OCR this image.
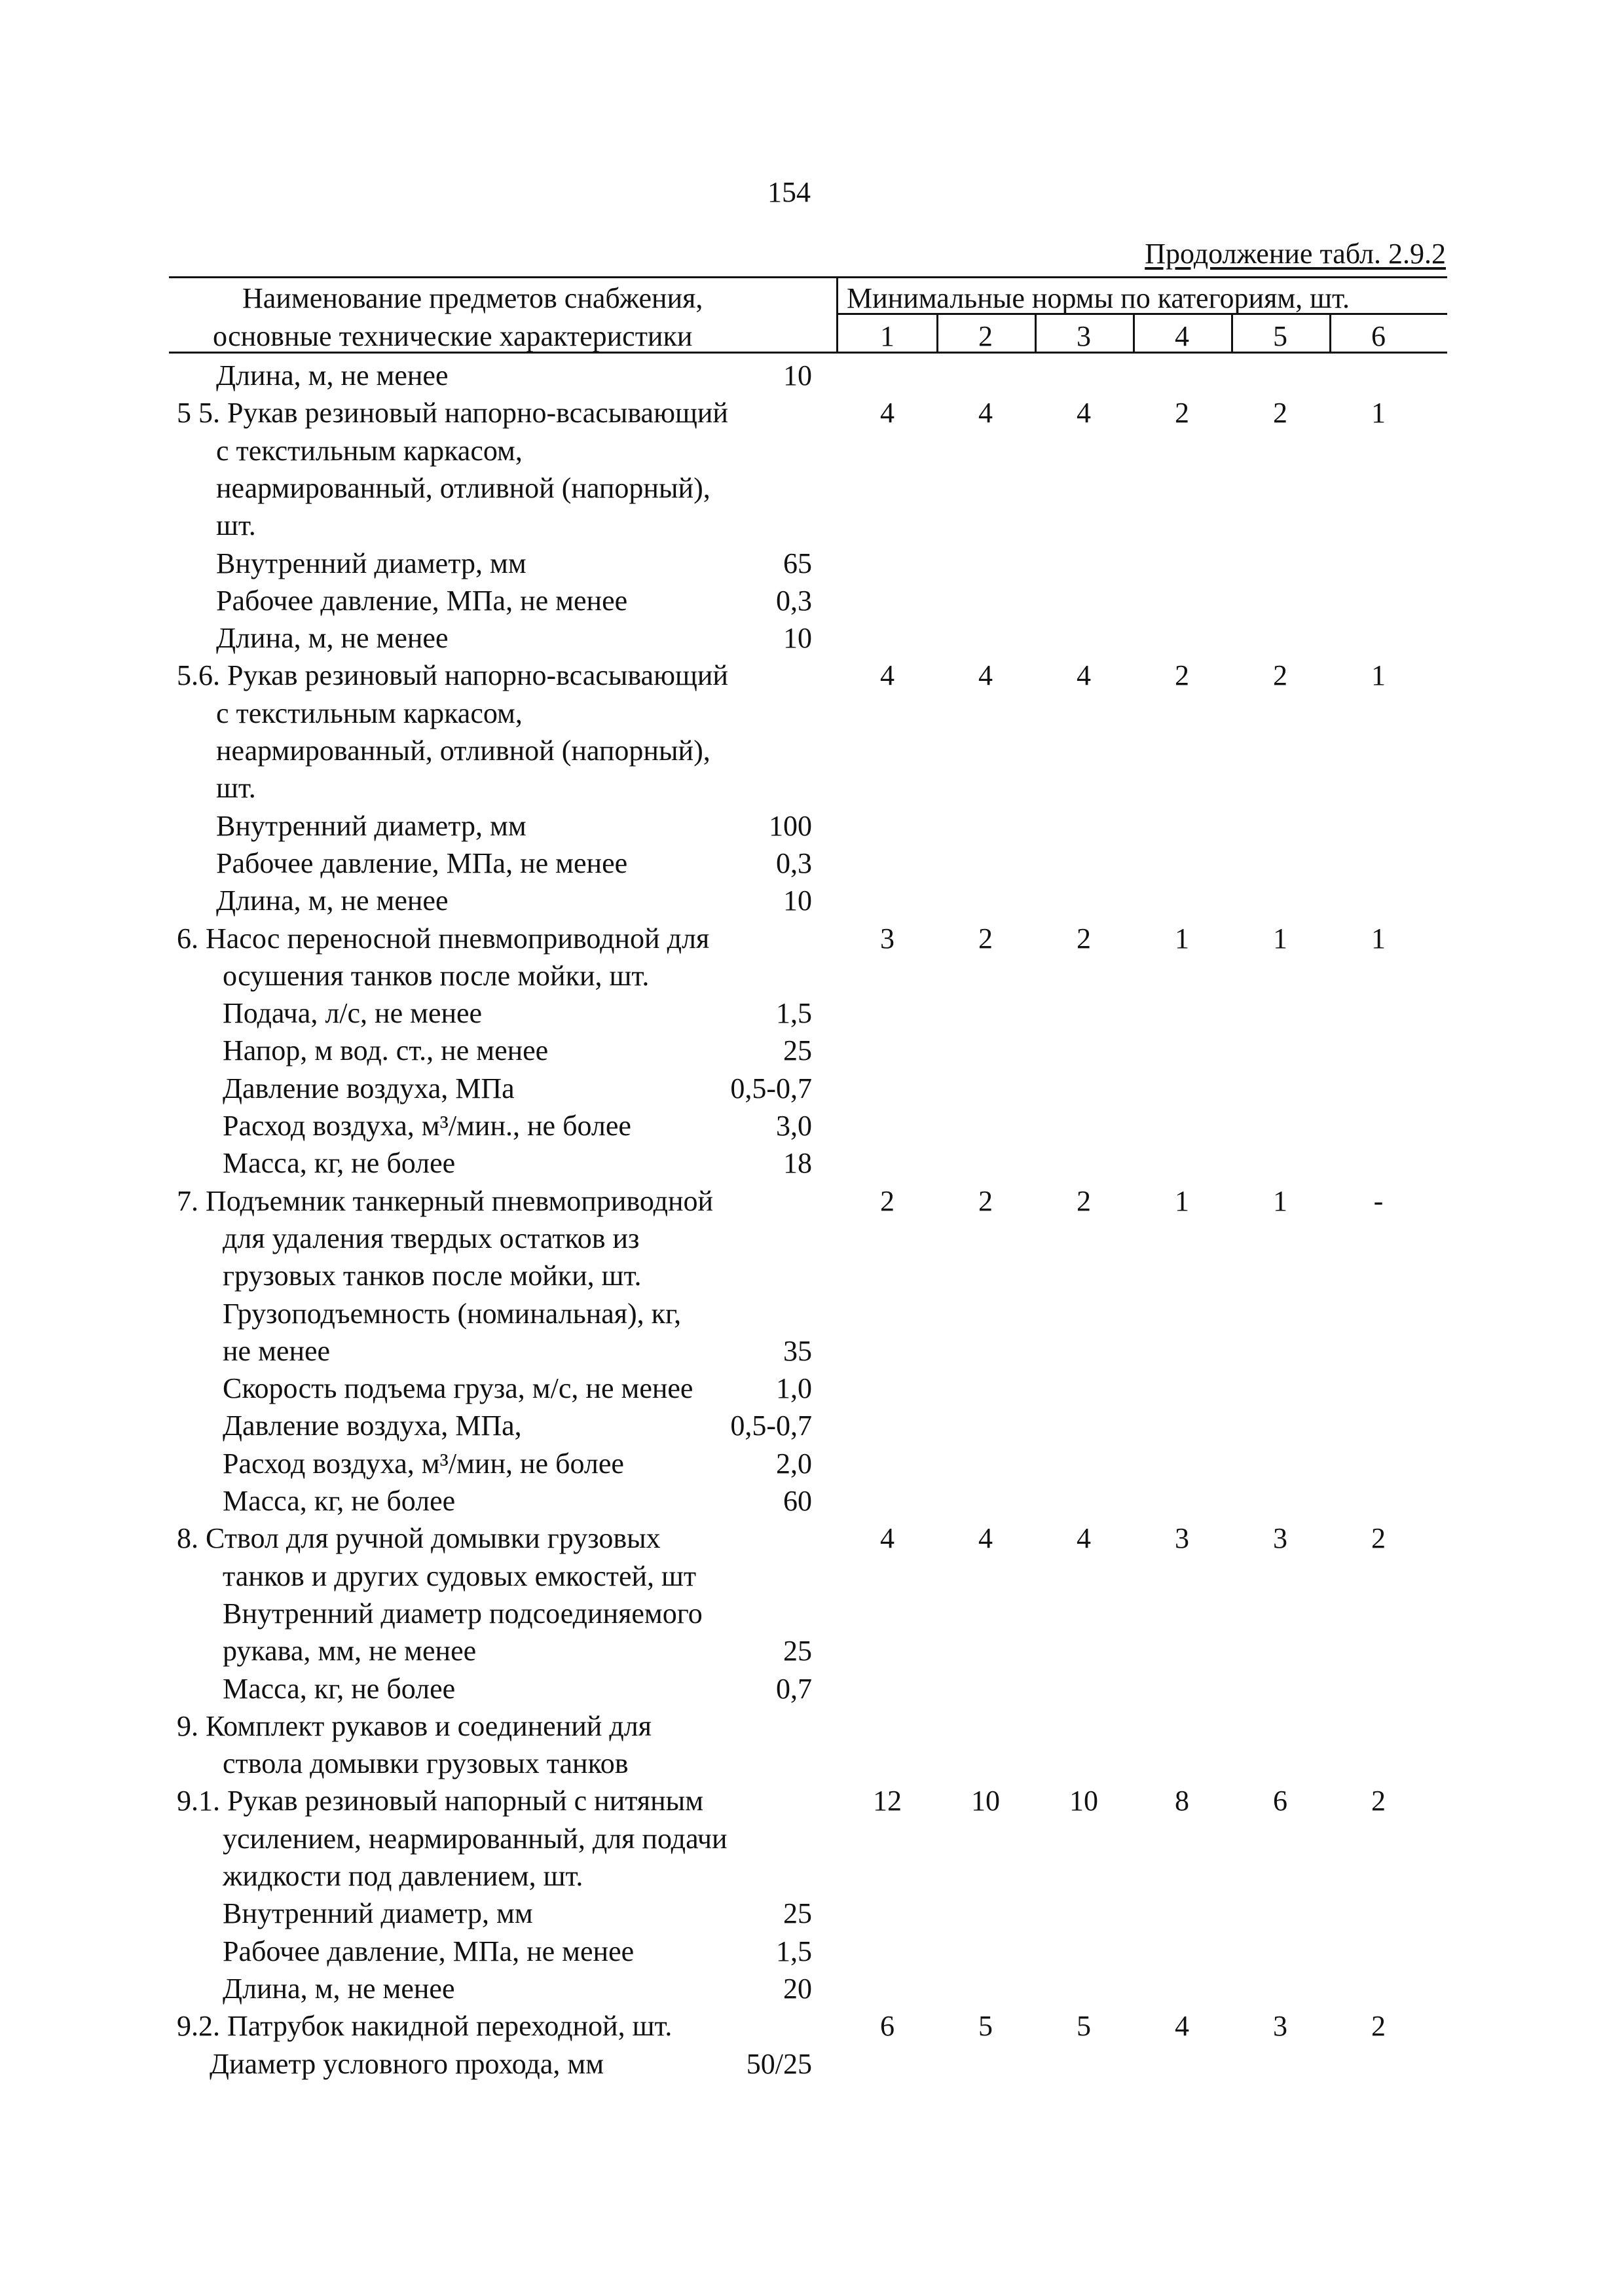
154
Продолжение табл. 2.9.2
Наименование предметов снабжения,
основные технические характеристики
Минимальные нормы по категориям, шт.
1	2	3	4	5	6
Длина, м, не менее	10
5 5. Рукав резиновый напорно-всасывающий	4	4	4	2	2	1
с текстильным каркасом,
неармированный, отливной (напорный),
шт.
Внутренний диаметр, мм	65
Рабочее давление, МПа, не менее	0,3
Длина, м, не менее	10
5.6. Рукав резиновый напорно-всасывающий	4	4	4	2	2	1
с текстильным каркасом,
неармированный, отливной (напорный),
шт.
Внутренний диаметр, мм	100
Рабочее давление, МПа, не менее	0,3
Длина, м, не менее	10
6. Насос переносной пневмоприводной для	3	2	2	1	1	1
осушения танков после мойки, шт.
Подача, л/с, не менее	1,5
Напор, м вод. ст., не менее	25
Давление воздуха, МПа	0,5-0,7
Расход воздуха, м³/мин., не более	3,0
Масса, кг, не более	18
7. Подъемник танкерный пневмоприводной	2	2	2	1	1	-
для удаления твердых остатков из
грузовых танков после мойки, шт.
Грузоподъемность (номинальная), кг,
не менее	35
Скорость подъема груза, м/с, не менее	1,0
Давление воздуха, МПа,	0,5-0,7
Расход воздуха, м³/мин, не более	2,0
Масса, кг, не более	60
8. Ствол для ручной домывки грузовых	4	4	4	3	3	2
танков и других судовых емкостей, шт
Внутренний диаметр подсоединяемого
рукава, мм, не менее	25
Масса, кг, не более	0,7
9. Комплект рукавов и соединений для
ствола домывки грузовых танков
9.1. Рукав резиновый напорный с нитяным	12	10	10	8	6	2
усилением, неармированный, для подачи
жидкости под давлением, шт.
Внутренний диаметр, мм	25
Рабочее давление, МПа, не менее	1,5
Длина, м, не менее	20
9.2. Патрубок накидной переходной, шт.	6	5	5	4	3	2
Диаметр условного прохода, мм	50/25
